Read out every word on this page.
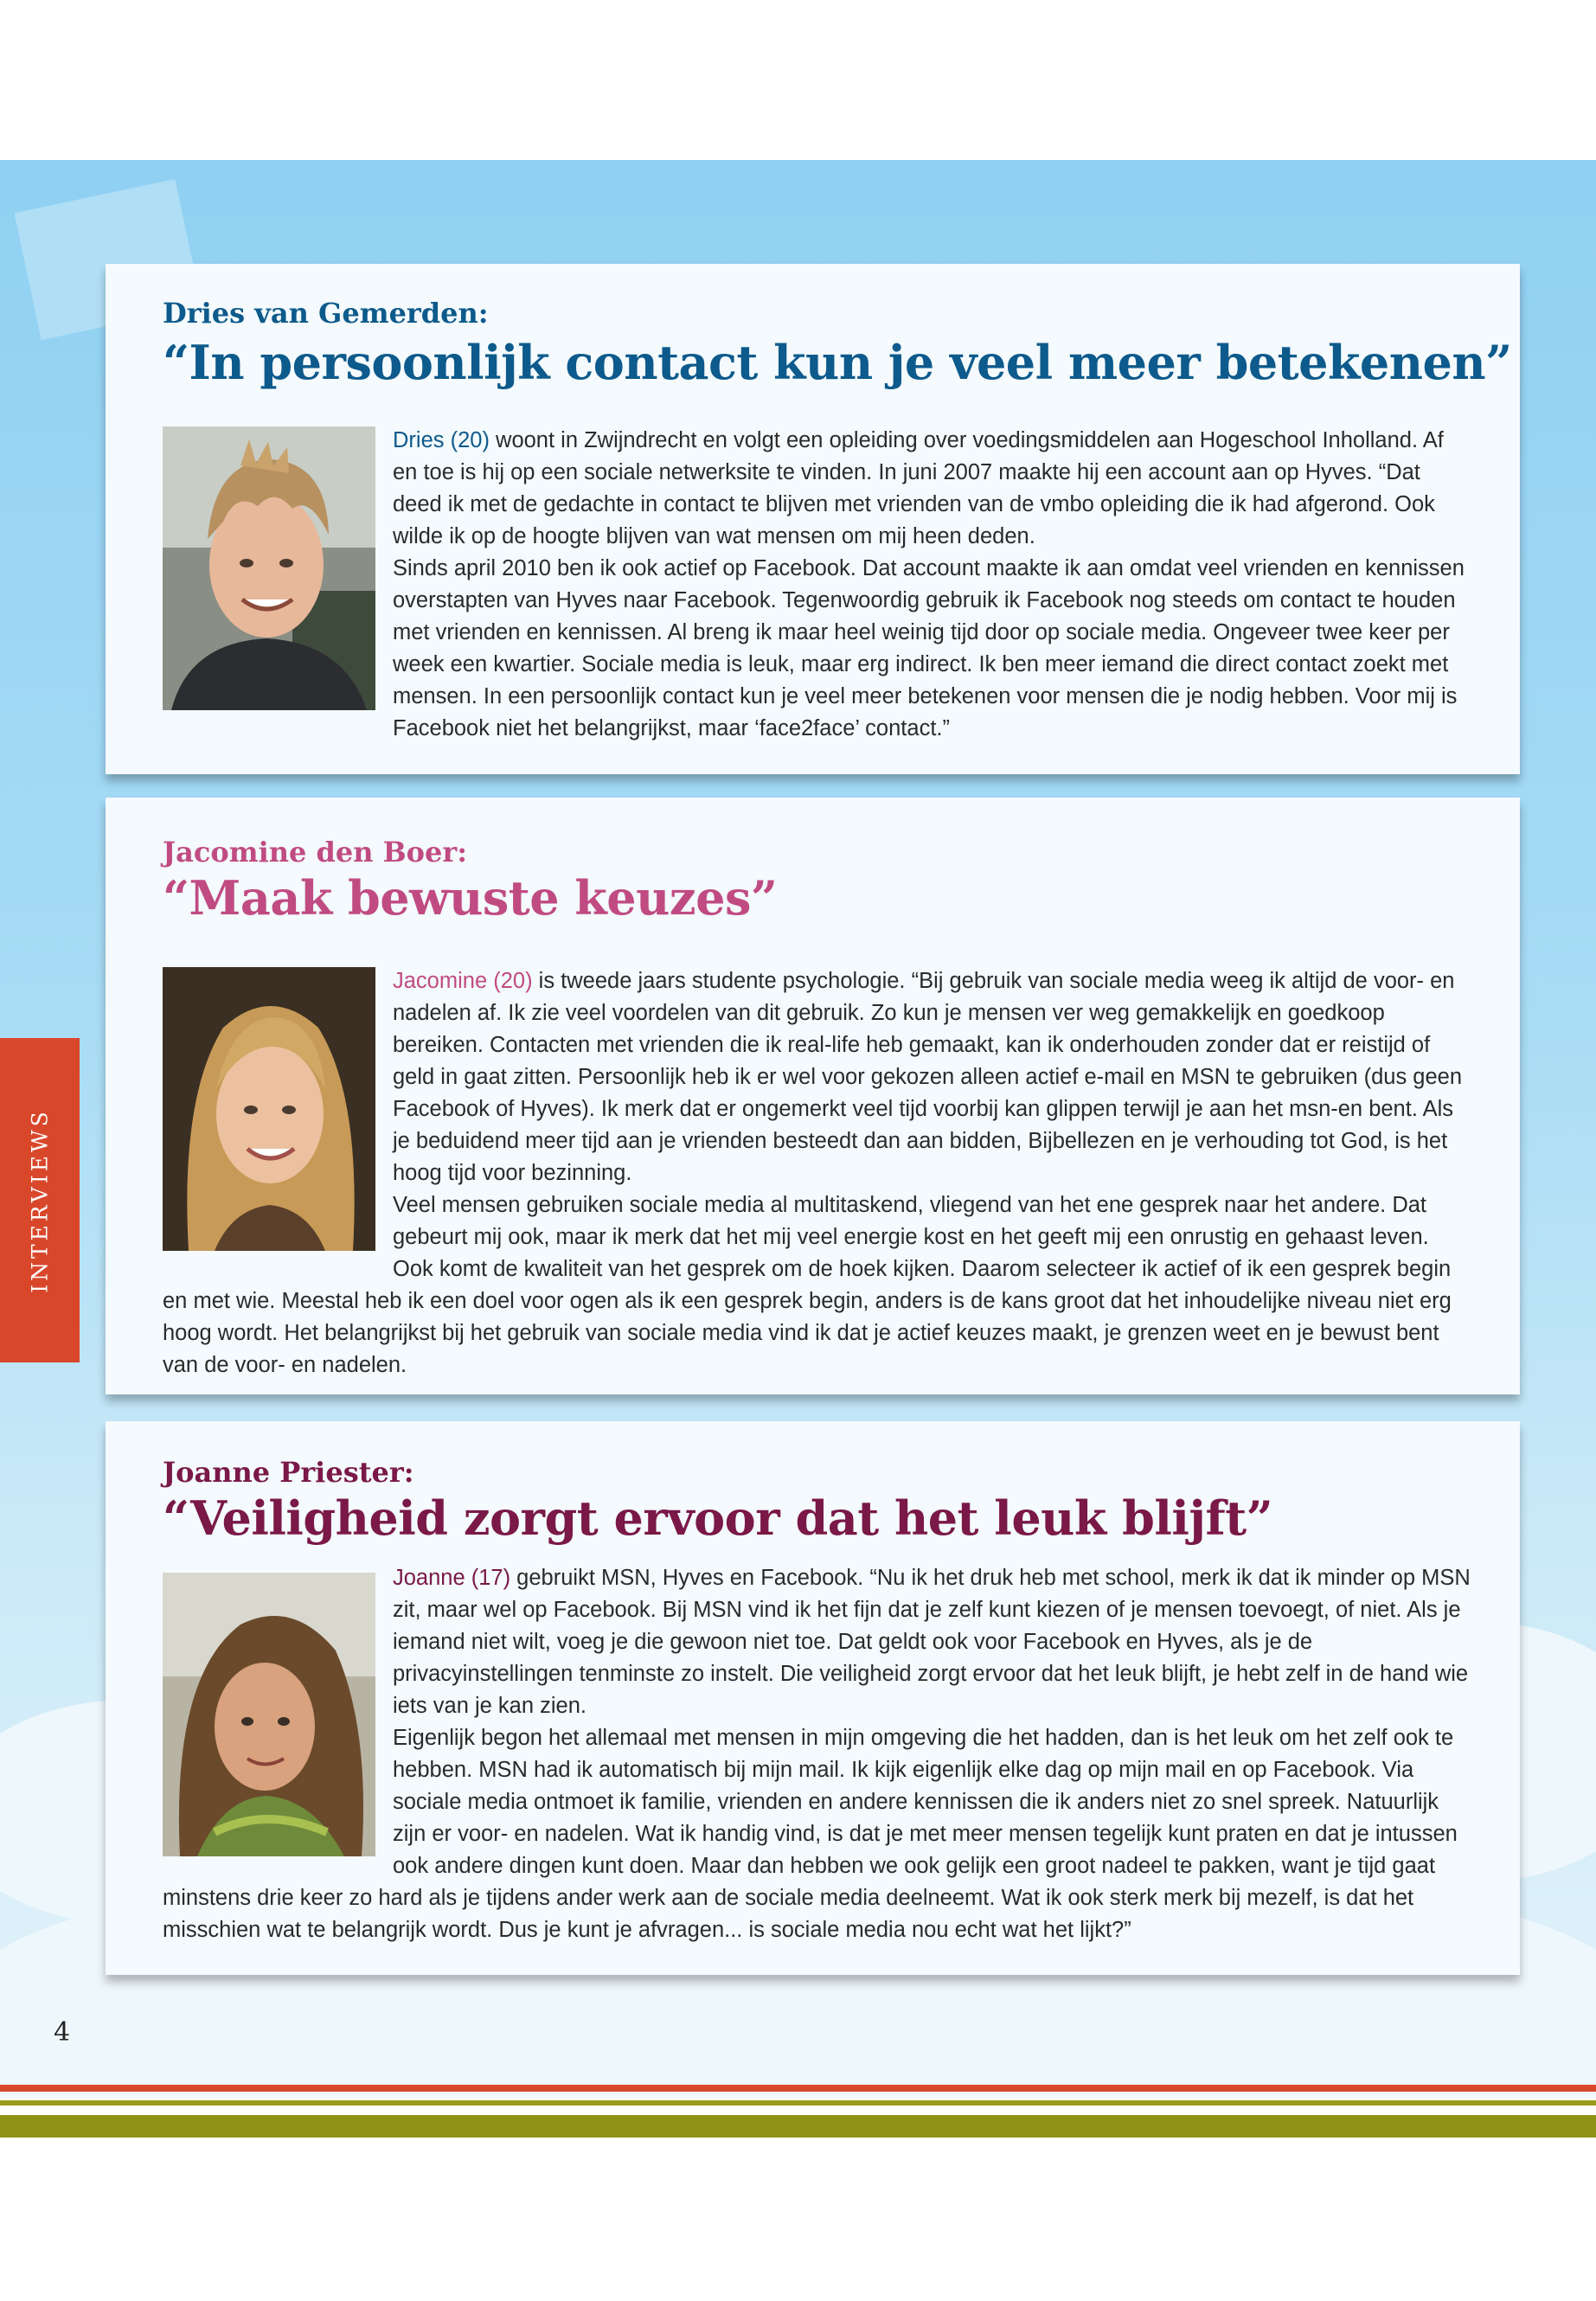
INTERVIEWS
Dries van Gemerden:
“In persoonlijk contact kun je veel meer betekenen”

Dries (20) woont in Zwijndrecht en volgt een opleiding over voedingsmiddelen aan Hogeschool Inholland. Af en toe is hij op een sociale netwerksite te vinden. In juni 2007 maakte hij een account aan op Hyves. “Dat deed ik met de gedachte in contact te blijven met vrienden van de vmbo opleiding die ik had afgerond. Ook wilde ik op de hoogte blijven van wat mensen om mij heen deden.

Sinds april 2010 ben ik ook actief op Facebook. Dat account maakte ik aan omdat veel vrienden en kennissen overstapten van Hyves naar Facebook. Tegenwoordig gebruik ik Facebook nog steeds om contact te houden met vrienden en kennissen. Al breng ik maar heel weinig tijd door op sociale media. Ongeveer twee keer per week een kwartier. Sociale media is leuk, maar erg indirect. Ik ben meer iemand die direct contact zoekt met mensen. In een persoonlijk contact kun je veel meer betekenen voor mensen die je nodig hebben. Voor mij is Facebook niet het belangrijkst, maar ‘face2face’ contact.”

Jacomine den Boer:
“Maak bewuste keuzes”

Jacomine (20) is tweede jaars studente psychologie. “Bij gebruik van sociale media weeg ik altijd de voor- en nadelen af. Ik zie veel voordelen van dit gebruik. Zo kun je mensen ver weg gemakkelijk en goedkoop bereiken. Contacten met vrienden die ik real-life heb gemaakt, kan ik onderhouden zonder dat er reistijd of geld in gaat zitten. Persoonlijk heb ik er wel voor gekozen alleen actief e-mail en MSN te gebruiken (dus geen Facebook of Hyves). Ik merk dat er ongemerkt veel tijd voorbij kan glippen terwijl je aan het msn-en bent. Als je beduidend meer tijd aan je vrienden besteedt dan aan bidden, Bijbellezen en je verhouding tot God, is het hoog tijd voor bezinning.

Veel mensen gebruiken sociale media al multitaskend, vliegend van het ene gesprek naar het andere. Dat gebeurt mij ook, maar ik merk dat het mij veel energie kost en het geeft mij een onrustig en gehaast leven. Ook komt de kwaliteit van het gesprek om de hoek kijken. Daarom selecteer ik actief of ik een gesprek begin en met wie. Meestal heb ik een doel voor ogen als ik een gesprek begin, anders is de kans groot dat het inhoudelijke niveau niet erg hoog wordt. Het belangrijkst bij het gebruik van sociale media vind ik dat je actief keuzes maakt, je grenzen weet en je bewust bent van de voor- en nadelen.

Joanne Priester:
“Veiligheid zorgt ervoor dat het leuk blijft”

Joanne (17) gebruikt MSN, Hyves en Facebook. “Nu ik het druk heb met school, merk ik dat ik minder op MSN zit, maar wel op Facebook. Bij MSN vind ik het fijn dat je zelf kunt kiezen of je mensen toevoegt, of niet. Als je iemand niet wilt, voeg je die gewoon niet toe. Dat geldt ook voor Facebook en Hyves, als je de privacyinstellingen tenminste zo instelt. Die veiligheid zorgt ervoor dat het leuk blijft, je hebt zelf in de hand wie iets van je kan zien.

Eigenlijk begon het allemaal met mensen in mijn omgeving die het hadden, dan is het leuk om het zelf ook te hebben. MSN had ik automatisch bij mijn mail. Ik kijk eigenlijk elke dag op mijn mail en op Facebook. Via sociale media ontmoet ik familie, vrienden en andere kennissen die ik anders niet zo snel spreek. Natuurlijk zijn er voor- en nadelen. Wat ik handig vind, is dat je met meer mensen tegelijk kunt praten en dat je intussen ook andere dingen kunt doen. Maar dan hebben we ook gelijk een groot nadeel te pakken, want je tijd gaat minstens drie keer zo hard als je tijdens ander werk aan de sociale media deelneemt. Wat ik ook sterk merk bij mezelf, is dat het misschien wat te belangrijk wordt. Dus je kunt je afvragen... is sociale media nou echt wat het lijkt?”

4
